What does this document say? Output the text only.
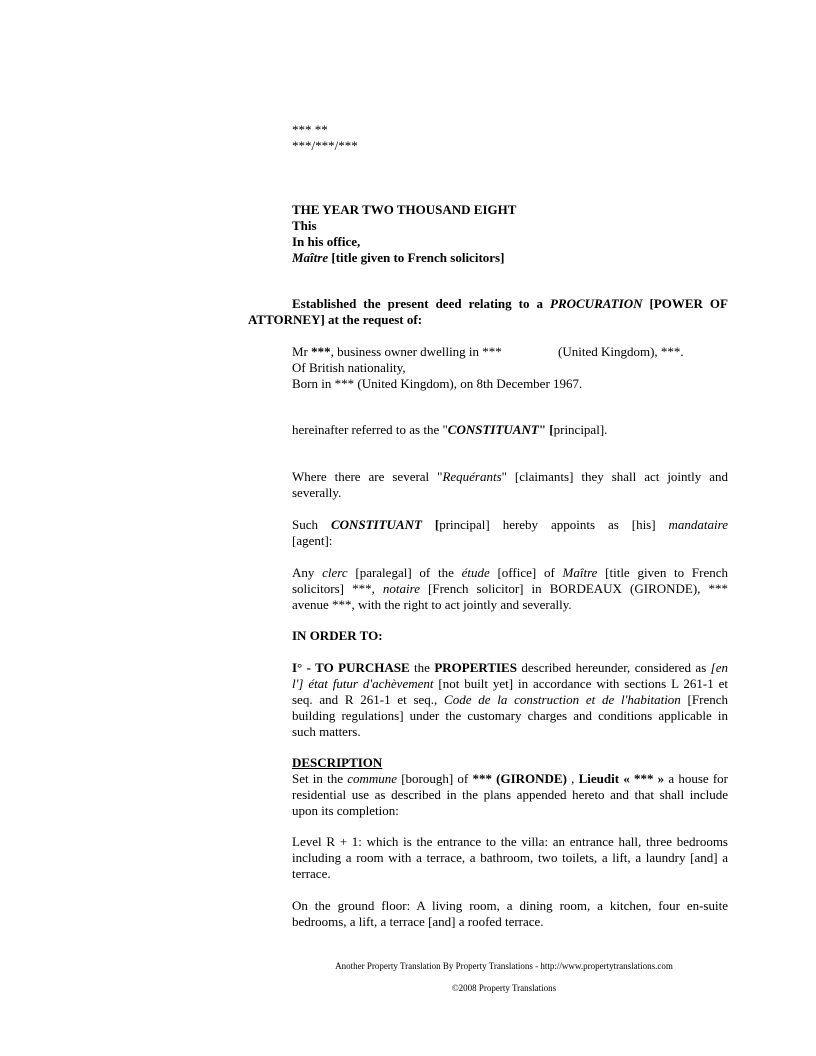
*** **
***/***/***
THE YEAR TWO THOUSAND EIGHT
This
In his office,
Maître [title given to French solicitors]
Established the present deed relating to a PROCURATION [POWER OF ATTORNEY] at the request of:
Mr ***, business owner dwelling in ***	(United Kingdom), ***.
Of British nationality,
Born in *** (United Kingdom), on 8th December 1967.
hereinafter referred to as the "CONSTITUANT" [principal].
Where there are several "Requérants" [claimants] they shall act jointly and severally.
Such CONSTITUANT [principal] hereby appoints as [his] mandataire [agent]:
Any clerc [paralegal] of the étude [office] of Maître [title given to French solicitors] ***, notaire [French solicitor] in BORDEAUX (GIRONDE), *** avenue ***, with the right to act jointly and severally.
IN ORDER TO:
I° - TO PURCHASE the PROPERTIES described hereunder, considered as [en l'] état futur d'achèvement [not built yet] in accordance with sections L 261-1 et seq. and R 261-1 et seq., Code de la construction et de l'habitation [French building regulations] under the customary charges and conditions applicable in such matters.
DESCRIPTION
Set in the commune [borough] of *** (GIRONDE) , Lieudit « *** » a house for residential use as described in the plans appended hereto and that shall include upon its completion:
Level R + 1: which is the entrance to the villa: an entrance hall, three bedrooms including a room with a terrace, a bathroom, two toilets, a lift, a laundry [and] a terrace.
On the ground floor: A living room, a dining room, a kitchen, four en-suite bedrooms, a lift, a terrace [and] a roofed terrace.
Another Property Translation By Property Translations - http://www.propertytranslations.com
©2008 Property Translations
